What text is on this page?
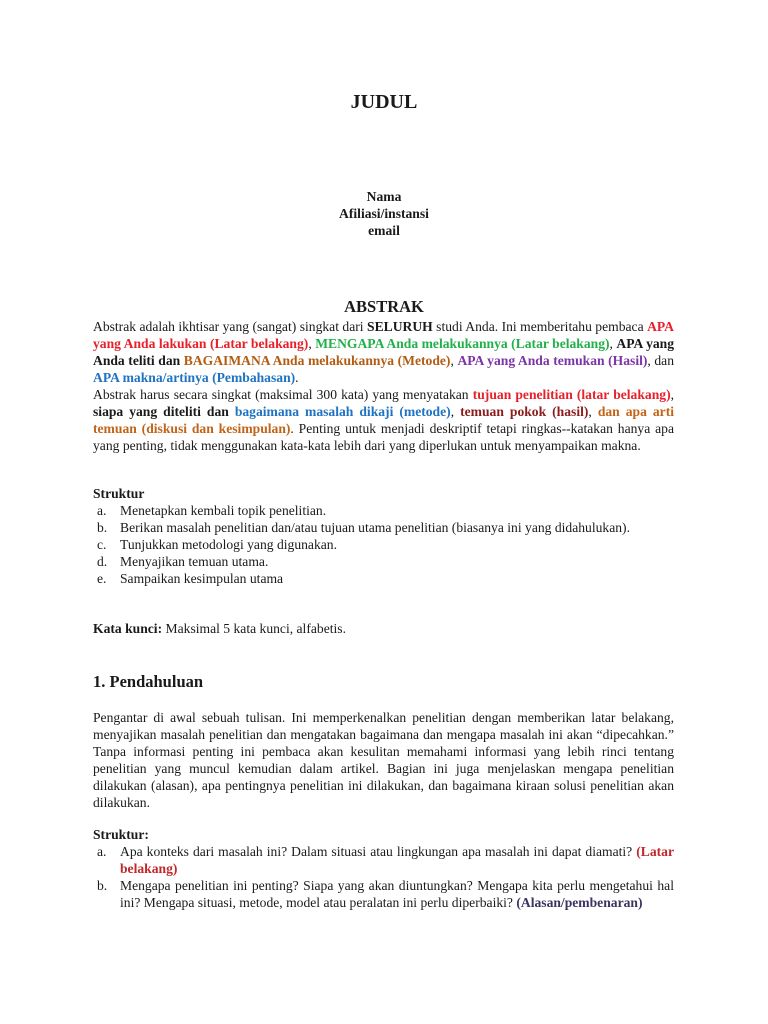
JUDUL
Nama
Afiliasi/instansi
email
ABSTRAK
Abstrak adalah ikhtisar yang (sangat) singkat dari SELURUH studi Anda. Ini memberitahu pembaca APA yang Anda lakukan (Latar belakang), MENGAPA Anda melakukannya (Latar belakang), APA yang Anda teliti dan BAGAIMANA Anda melakukannya (Metode), APA yang Anda temukan (Hasil), dan APA makna/artinya (Pembahasan).
Abstrak harus secara singkat (maksimal 300 kata) yang menyatakan tujuan penelitian (latar belakang), siapa yang diteliti dan bagaimana masalah dikaji (metode), temuan pokok (hasil), dan apa arti temuan (diskusi dan kesimpulan). Penting untuk menjadi deskriptif tetapi ringkas--katakan hanya apa yang penting, tidak menggunakan kata-kata lebih dari yang diperlukan untuk menyampaikan makna.
Struktur
a. Menetapkan kembali topik penelitian.
b. Berikan masalah penelitian dan/atau tujuan utama penelitian (biasanya ini yang didahulukan).
c. Tunjukkan metodologi yang digunakan.
d. Menyajikan temuan utama.
e. Sampaikan kesimpulan utama
Kata kunci: Maksimal 5 kata kunci, alfabetis.
1. Pendahuluan
Pengantar di awal sebuah tulisan. Ini memperkenalkan penelitian dengan memberikan latar belakang, menyajikan masalah penelitian dan mengatakan bagaimana dan mengapa masalah ini akan “dipecahkan.” Tanpa informasi penting ini pembaca akan kesulitan memahami informasi yang lebih rinci tentang penelitian yang muncul kemudian dalam artikel. Bagian ini juga menjelaskan mengapa penelitian dilakukan (alasan), apa pentingnya penelitian ini dilakukan, dan bagaimana kiraan solusi penelitian akan dilakukan.
Struktur:
a. Apa konteks dari masalah ini? Dalam situasi atau lingkungan apa masalah ini dapat diamati? (Latar belakang)
b. Mengapa penelitian ini penting? Siapa yang akan diuntungkan? Mengapa kita perlu mengetahui hal ini? Mengapa situasi, metode, model atau peralatan ini perlu diperbaiki? (Alasan/pembenaran)
